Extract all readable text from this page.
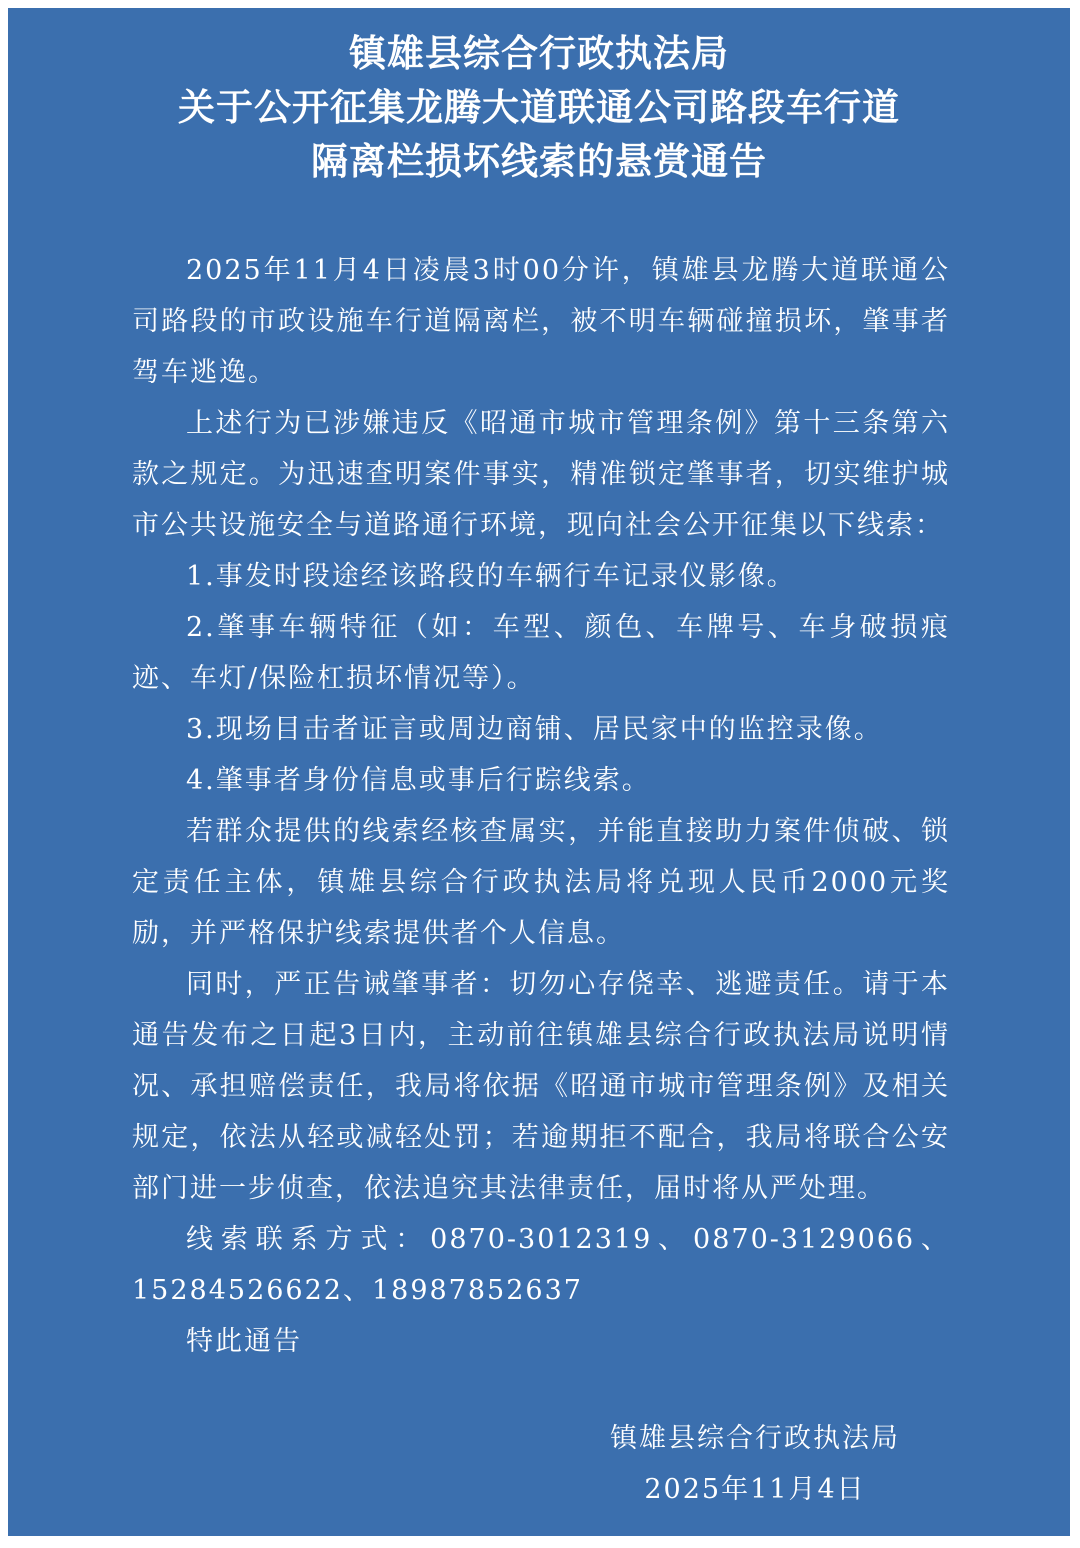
镇雄县综合行政执法局
关于公开征集龙腾大道联通公司路段车行道
隔离栏损坏线索的悬赏通告

2025年11月4日凌晨3时00分许，镇雄县龙腾大道联通公司路段的市政设施车行道隔离栏，被不明车辆碰撞损坏，肇事者驾车逃逸。

上述行为已涉嫌违反《昭通市城市管理条例》第十三条第六款之规定。为迅速查明案件事实，精准锁定肇事者，切实维护城市公共设施安全与道路通行环境，现向社会公开征集以下线索：

1.事发时段途经该路段的车辆行车记录仪影像。

2.肇事车辆特征（如：车型、颜色、车牌号、车身破损痕迹、车灯/保险杠损坏情况等）。

3.现场目击者证言或周边商铺、居民家中的监控录像。

4.肇事者身份信息或事后行踪线索。

若群众提供的线索经核查属实，并能直接助力案件侦破、锁定责任主体，镇雄县综合行政执法局将兑现人民币2000元奖励，并严格保护线索提供者个人信息。

同时，严正告诫肇事者：切勿心存侥幸、逃避责任。请于本通告发布之日起3日内，主动前往镇雄县综合行政执法局说明情况、承担赔偿责任，我局将依据《昭通市城市管理条例》及相关规定，依法从轻或减轻处罚；若逾期拒不配合，我局将联合公安部门进一步侦查，依法追究其法律责任，届时将从严处理。

线索联系方式：0870-3012319、0870-3129066、15284526622、18987852637

特此通告

镇雄县综合行政执法局
2025年11月4日
